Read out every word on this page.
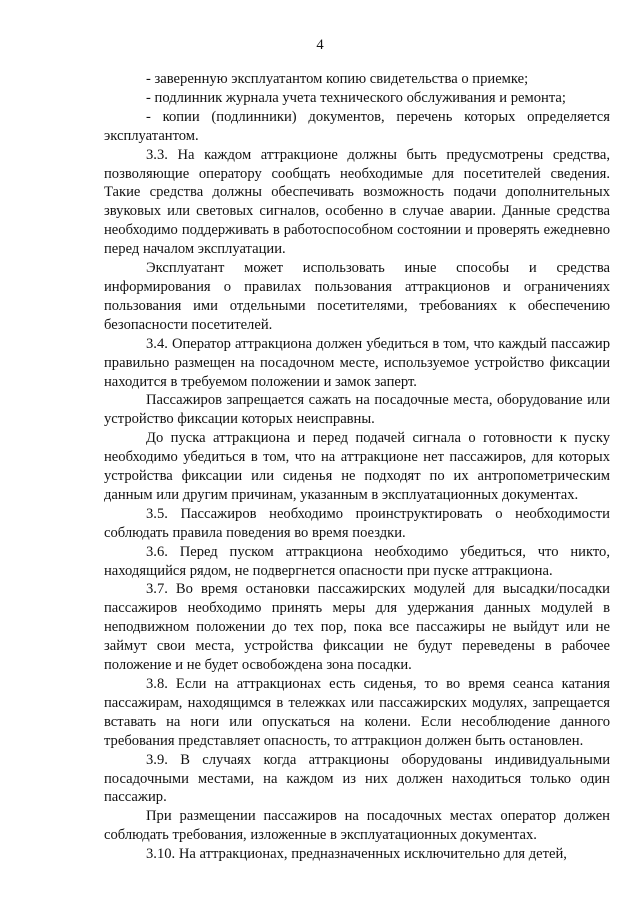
4

- заверенную эксплуатантом копию свидетельства о приемке;

- подлинник журнала учета технического обслуживания и ремонта;

- копии (подлинники) документов, перечень которых определяется эксплуатантом.

3.3. На каждом аттракционе должны быть предусмотрены средства, позволяющие оператору сообщать необходимые для посетителей сведения. Такие средства должны обеспечивать возможность подачи дополнительных звуковых или световых сигналов, особенно в случае аварии. Данные средства необходимо поддерживать в работоспособном состоянии и проверять ежедневно перед началом эксплуатации.

Эксплуатант может использовать иные способы и средства информирования о правилах пользования аттракционов и ограничениях пользования ими отдельными посетителями, требованиях к обеспечению безопасности посетителей.

3.4. Оператор аттракциона должен убедиться в том, что каждый пассажир правильно размещен на посадочном месте, используемое устройство фиксации находится в требуемом положении и замок заперт.

Пассажиров запрещается сажать на посадочные места, оборудование или устройство фиксации которых неисправны.

До пуска аттракциона и перед подачей сигнала о готовности к пуску необходимо убедиться в том, что на аттракционе нет пассажиров, для которых устройства фиксации или сиденья не подходят по их антропометрическим данным или другим причинам, указанным в эксплуатационных документах.

3.5. Пассажиров необходимо проинструктировать о необходимости соблюдать правила поведения во время поездки.

3.6. Перед пуском аттракциона необходимо убедиться, что никто, находящийся рядом, не подвергнется опасности при пуске аттракциона.

3.7. Во время остановки пассажирских модулей для высадки/посадки пассажиров необходимо принять меры для удержания данных модулей в неподвижном положении до тех пор, пока все пассажиры не выйдут или не займут свои места, устройства фиксации не будут переведены в рабочее положение и не будет освобождена зона посадки.

3.8. Если на аттракционах есть сиденья, то во время сеанса катания пассажирам, находящимся в тележках или пассажирских модулях, запрещается вставать на ноги или опускаться на колени. Если несоблюдение данного требования представляет опасность, то аттракцион должен быть остановлен.

3.9. В случаях когда аттракционы оборудованы индивидуальными посадочными местами, на каждом из них должен находиться только один пассажир.

При размещении пассажиров на посадочных местах оператор должен соблюдать требования, изложенные в эксплуатационных документах.

3.10. На аттракционах, предназначенных исключительно для детей,
